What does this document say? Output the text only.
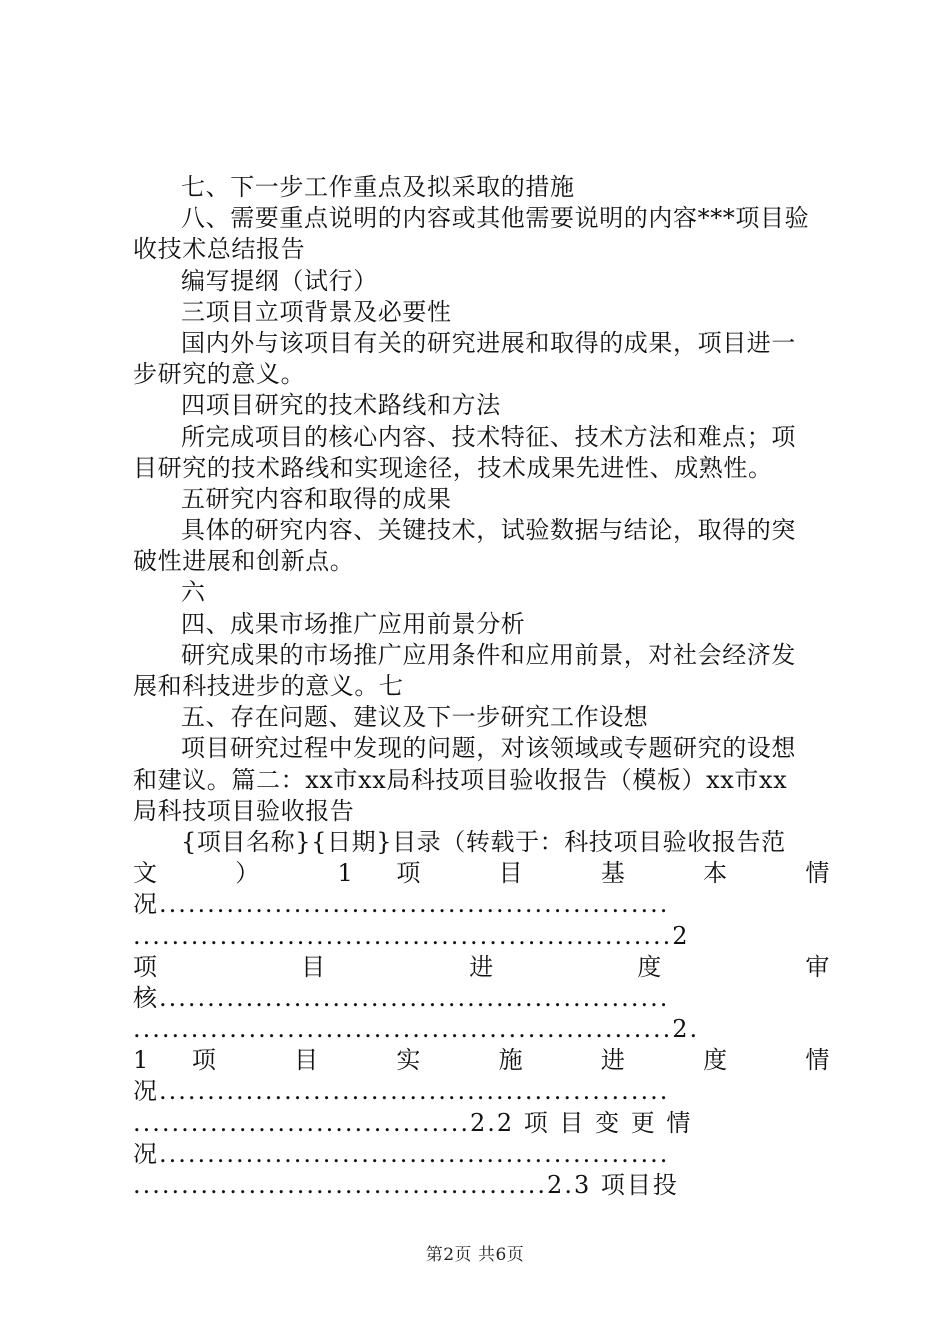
七、下一步工作重点及拟采取的措施
八、需要重点说明的内容或其他需要说明的内容***项目验
收技术总结报告
编写提纲（试行）
三项目立项背景及必要性
国内外与该项目有关的研究进展和取得的成果，项目进一
步研究的意义。
四项目研究的技术路线和方法
所完成项目的核心内容、技术特征、技术方法和难点；项
目研究的技术路线和实现途径，技术成果先进性、成熟性。
五研究内容和取得的成果
具体的研究内容、关键技术，试验数据与结论，取得的突
破性进展和创新点。
六
四、成果市场推广应用前景分析
研究成果的市场推广应用条件和应用前景，对社会经济发
展和科技进步的意义。七
五、存在问题、建议及下一步研究工作设想
项目研究过程中发现的问题，对该领域或专题研究的设想
和建议。篇二：xx市xx局科技项目验收报告（模板）xx市xx
局科技项目验收报告
{项目名称}{日期}目录（转载于：科技项目验收报告范
文 ） 1 项 目 基 本 情
况.....................................................
........................................................2
项 目 进 度 审
核.....................................................
........................................................2.
1 项 目 实 施 进 度 情
况.....................................................
...................................2.2 项 目 变 更 情
况.....................................................
...........................................2.3 项目投
第2页 共6页
